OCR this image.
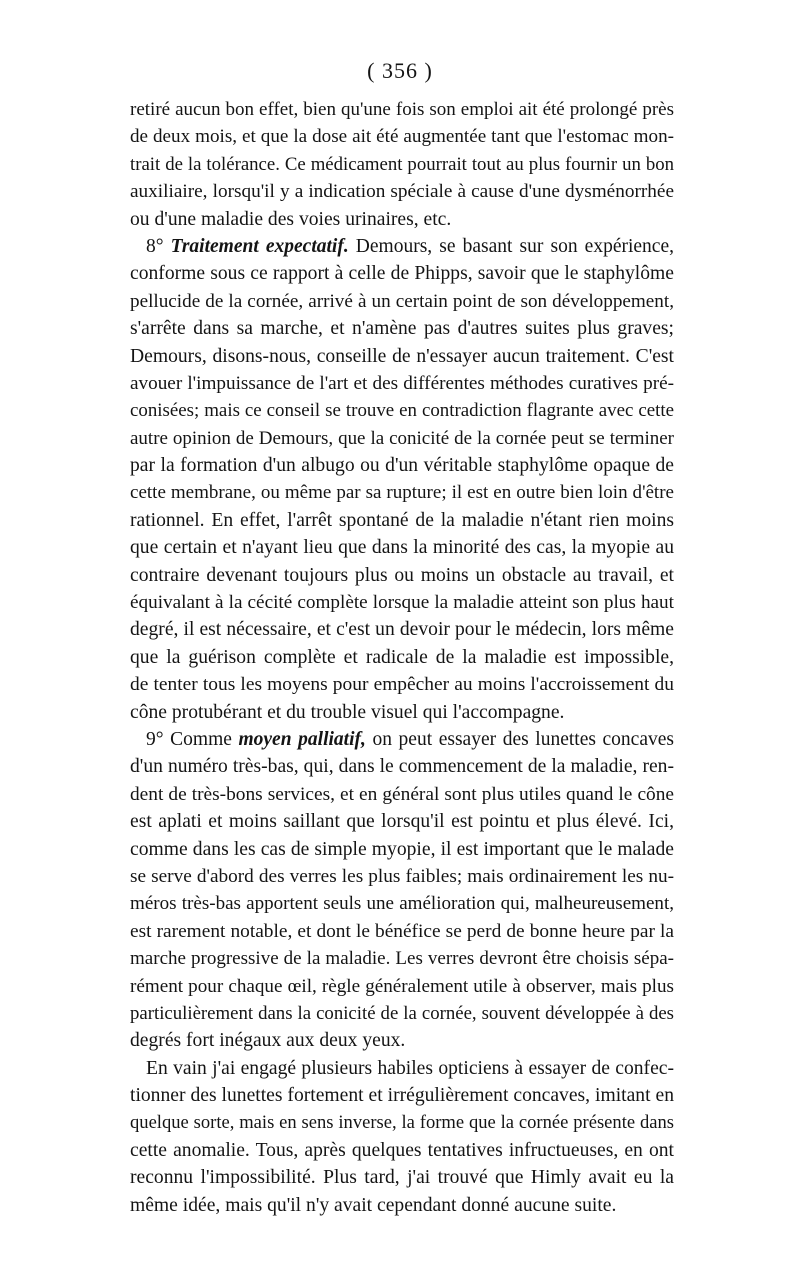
( 356 )
retiré aucun bon effet, bien qu'une fois son emploi ait été prolongé près
de deux mois, et que la dose ait été augmentée tant que l'estomac mon-
trait de la tolérance. Ce médicament pourrait tout au plus fournir un bon
auxiliaire, lorsqu'il y a indication spéciale à cause d'une dysménorrhée
ou d'une maladie des voies urinaires, etc.
8° Traitement expectatif. Demours, se basant sur son expérience,
conforme sous ce rapport à celle de Phipps, savoir que le staphylôme
pellucide de la cornée, arrivé à un certain point de son développement,
s'arrête dans sa marche, et n'amène pas d'autres suites plus graves;
Demours, disons-nous, conseille de n'essayer aucun traitement. C'est
avouer l'impuissance de l'art et des différentes méthodes curatives pré-
conisées; mais ce conseil se trouve en contradiction flagrante avec cette
autre opinion de Demours, que la conicité de la cornée peut se terminer
par la formation d'un albugo ou d'un véritable staphylôme opaque de
cette membrane, ou même par sa rupture; il est en outre bien loin d'être
rationnel. En effet, l'arrêt spontané de la maladie n'étant rien moins
que certain et n'ayant lieu que dans la minorité des cas, la myopie au
contraire devenant toujours plus ou moins un obstacle au travail, et
équivalant à la cécité complète lorsque la maladie atteint son plus haut
degré, il est nécessaire, et c'est un devoir pour le médecin, lors même
que la guérison complète et radicale de la maladie est impossible,
de tenter tous les moyens pour empêcher au moins l'accroissement du
cône protubérant et du trouble visuel qui l'accompagne.
9° Comme moyen palliatif, on peut essayer des lunettes concaves
d'un numéro très-bas, qui, dans le commencement de la maladie, ren-
dent de très-bons services, et en général sont plus utiles quand le cône
est aplati et moins saillant que lorsqu'il est pointu et plus élevé. Ici,
comme dans les cas de simple myopie, il est important que le malade
se serve d'abord des verres les plus faibles; mais ordinairement les nu-
méros très-bas apportent seuls une amélioration qui, malheureusement,
est rarement notable, et dont le bénéfice se perd de bonne heure par la
marche progressive de la maladie. Les verres devront être choisis sépa-
rément pour chaque œil, règle généralement utile à observer, mais plus
particulièrement dans la conicité de la cornée, souvent développée à des
degrés fort inégaux aux deux yeux.
En vain j'ai engagé plusieurs habiles opticiens à essayer de confec-
tionner des lunettes fortement et irrégulièrement concaves, imitant en
quelque sorte, mais en sens inverse, la forme que la cornée présente dans
cette anomalie. Tous, après quelques tentatives infructueuses, en ont
reconnu l'impossibilité. Plus tard, j'ai trouvé que Himly avait eu la
même idée, mais qu'il n'y avait cependant donné aucune suite.
